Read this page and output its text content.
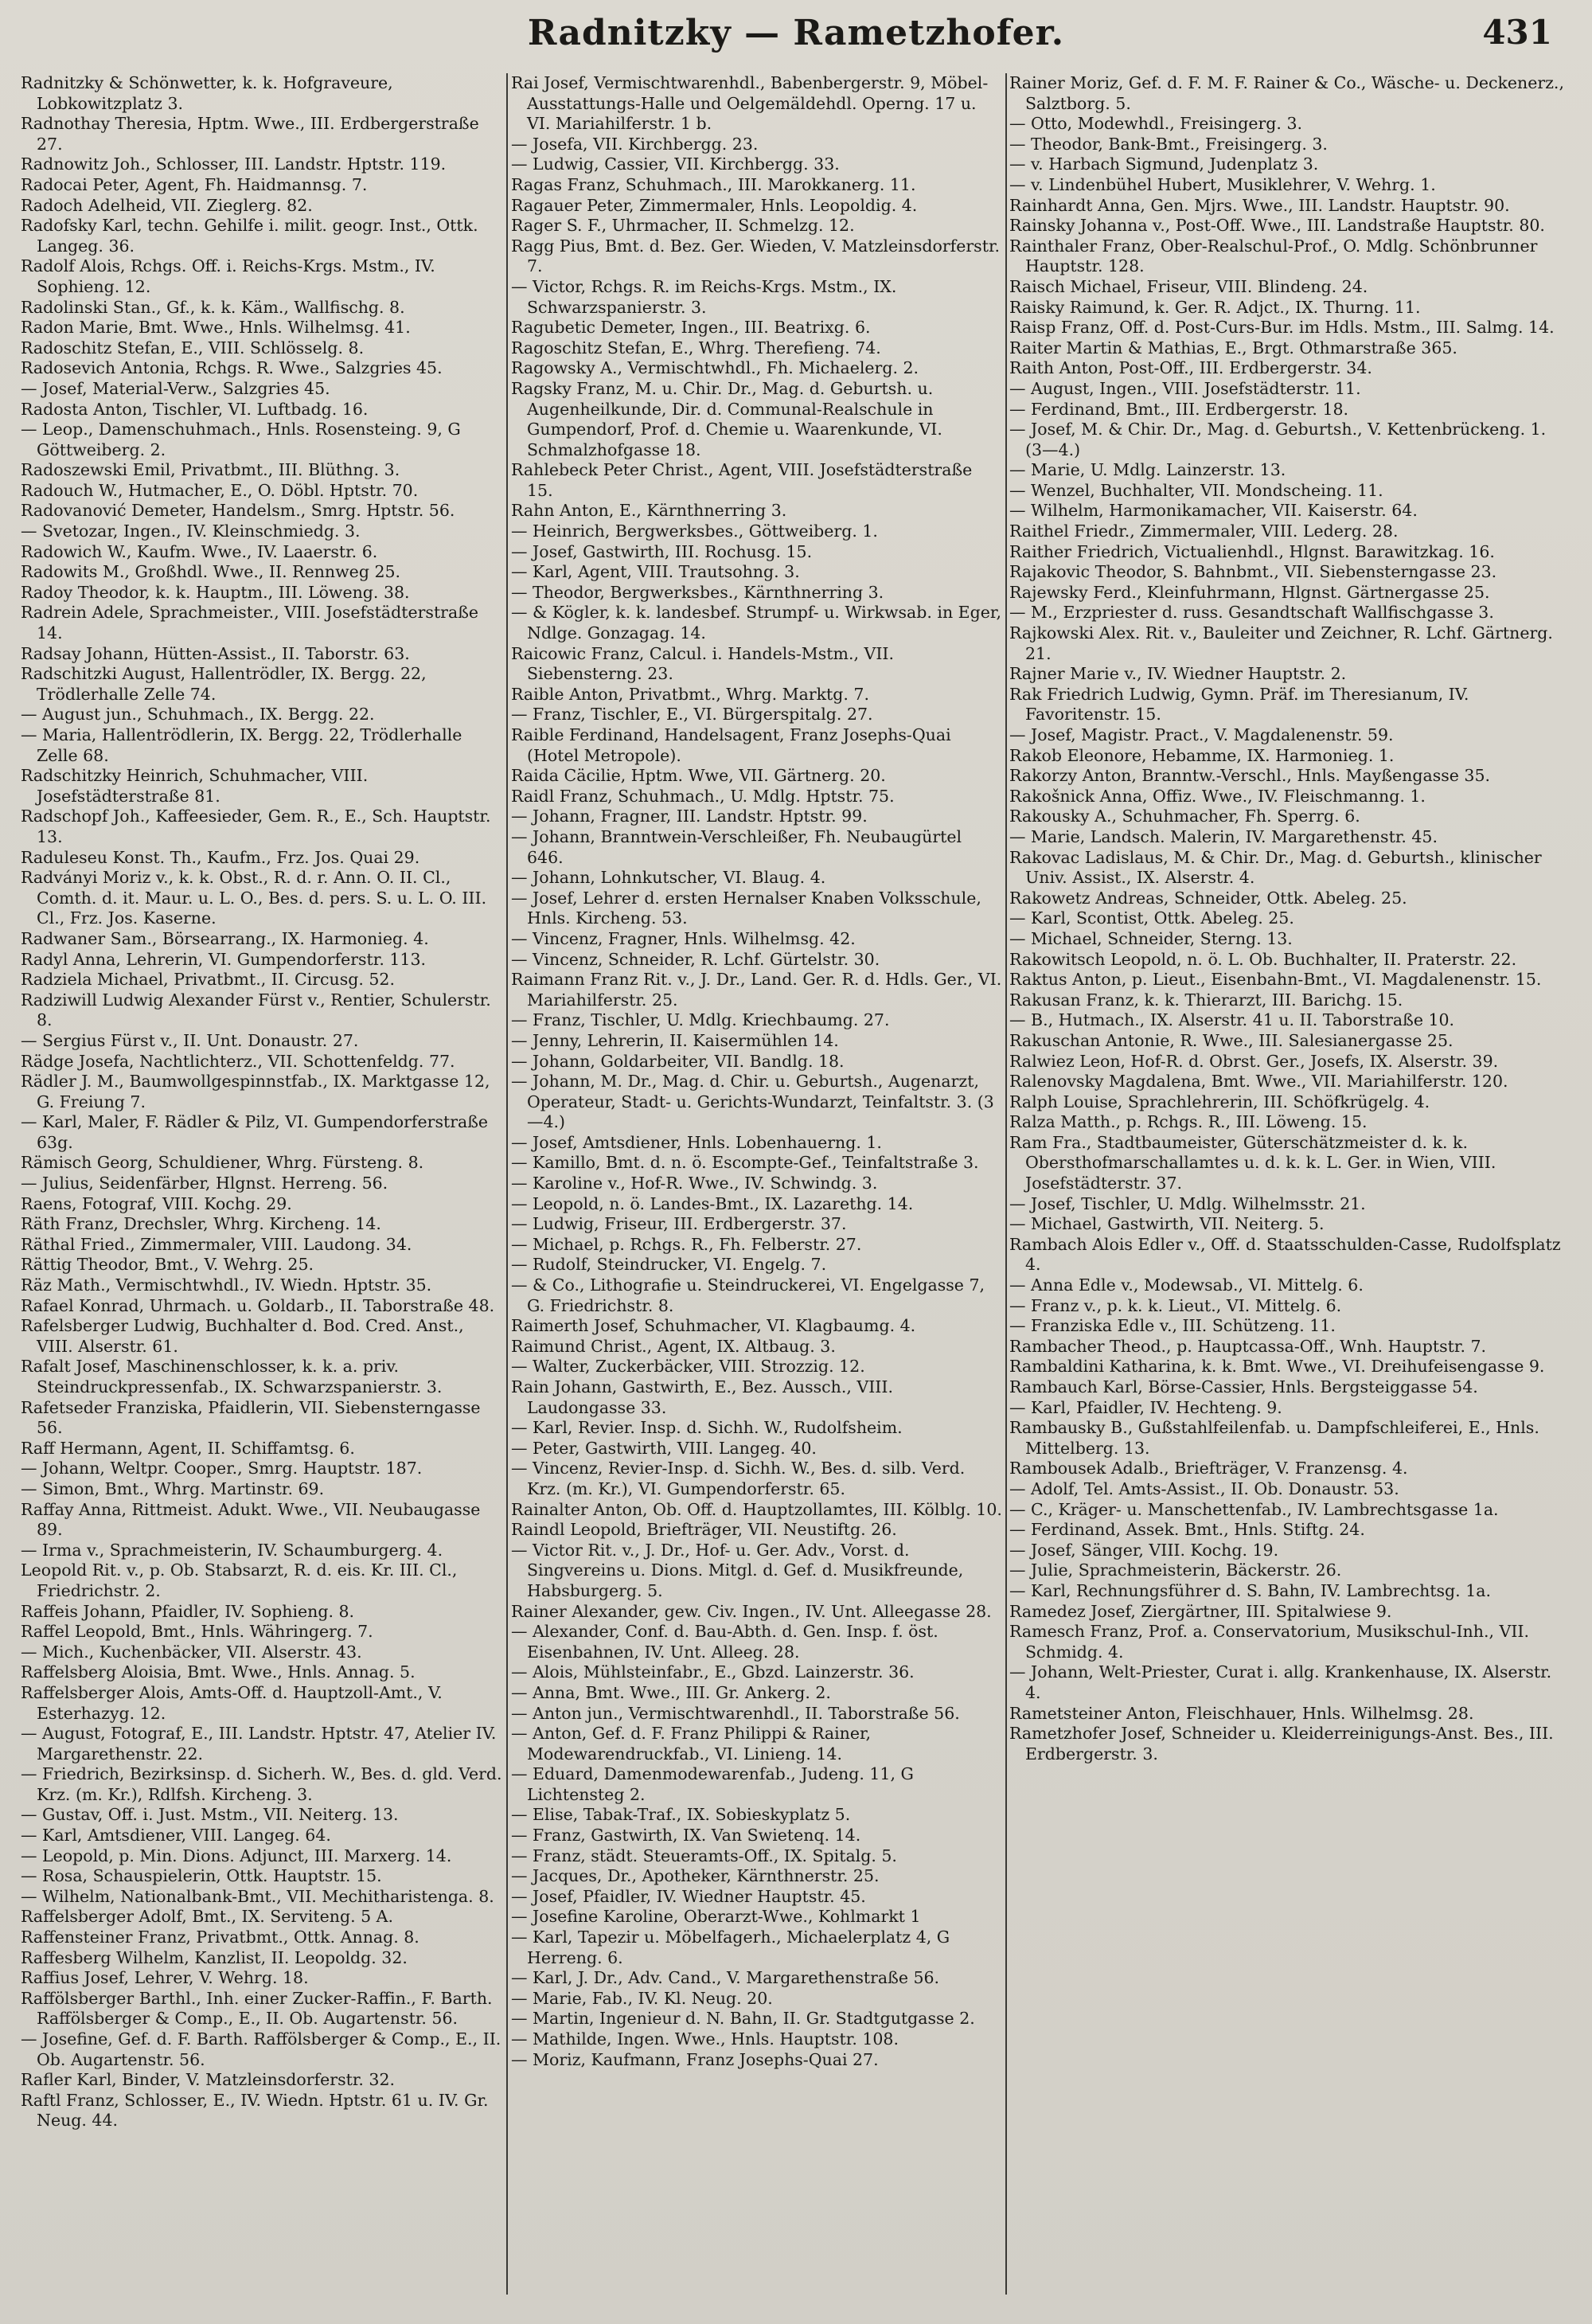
Radnitzky — Rametzhofer.	431
Radnitzky & Schönwetter, k. k. Hofgraveure, Lobkowitzplatz 3.
Radnothay Theresia, Hptm. Wwe., III. Erdbergerstraße 27.
Radnowitz Joh., Schlosser, III. Landstr. Hptstr. 119.
Radocai Peter, Agent, Fh. Haidmannsg. 7.
Radoch Adelheid, VII. Zieglerg. 82.
Radofsky Karl, techn. Gehilfe i. milit. geogr. Inst., Ottk. Langeg. 36.
Radolf Alois, Rchgs. Off. i. Reichs-Krgs. Mstm., IV. Sophieng. 12.
Radolinski Stan., Gf., k. k. Käm., Wallfischg. 8.
Radon Marie, Bmt. Wwe., Hnls. Wilhelmsg. 41.
Radoschitz Stefan, E., VIII. Schlösselg. 8.
Radosevich Antonia, Rchgs. R. Wwe., Salzgries 45.
— Josef, Material-Verw., Salzgries 45.
Radosta Anton, Tischler, VI. Luftbadg. 16.
— Leop., Damenschuhmach., Hnls. Rosensteing. 9, G Göttweiberg. 2.
Radoszewski Emil, Privatbmt., III. Blüthng. 3.
Radouch W., Hutmacher, E., O. Döbl. Hptstr. 70.
Radovanović Demeter, Handelsm., Smrg. Hptstr. 56.
— Svetozar, Ingen., IV. Kleinschmiedg. 3.
Radowich W., Kaufm. Wwe., IV. Laaerstr. 6.
Radowits M., Großhdl. Wwe., II. Rennweg 25.
Radoy Theodor, k. k. Hauptm., III. Löweng. 38.
Radrein Adele, Sprachmeister., VIII. Josefstädterstraße 14.
Radsay Johann, Hütten-Assist., II. Taborstr. 63.
Radschitzki August, Hallentrödler, IX. Bergg. 22, Trödlerhalle Zelle 74.
— August jun., Schuhmach., IX. Bergg. 22.
— Maria, Hallentrödlerin, IX. Bergg. 22, Trödlerhalle Zelle 68.
Radschitzky Heinrich, Schuhmacher, VIII. Josefstädterstraße 81.
Radschopf Joh., Kaffeesieder, Gem. R., E., Sch. Hauptstr. 13.
Raduleseu Konst. Th., Kaufm., Frz. Jos. Quai 29.
Radványi Moriz v., k. k. Obst., R. d. r. Ann. O. II. Cl., Comth. d. it. Maur. u. L. O., Bes. d. pers. S. u. L. O. III. Cl., Frz. Jos. Kaserne.
Radwaner Sam., Börsearrang., IX. Harmonieg. 4.
Radyl Anna, Lehrerin, VI. Gumpendorferstr. 113.
Radziela Michael, Privatbmt., II. Circusg. 52.
Radziwill Ludwig Alexander Fürst v., Rentier, Schulerstr. 8.
— Sergius Fürst v., II. Unt. Donaustr. 27.
Rädge Josefa, Nachtlichterz., VII. Schottenfeldg. 77.
Rädler J. M., Baumwollgespinnstfab., IX. Marktgasse 12, G. Freiung 7.
— Karl, Maler, F. Rädler & Pilz, VI. Gumpendorferstraße 63g.
Rämisch Georg, Schuldiener, Whrg. Fürsteng. 8.
— Julius, Seidenfärber, Hlgnst. Herreng. 56.
Raens, Fotograf, VIII. Kochg. 29.
Räth Franz, Drechsler, Whrg. Kircheng. 14.
Räthal Fried., Zimmermaler, VIII. Laudong. 34.
Rättig Theodor, Bmt., V. Wehrg. 25.
Räz Math., Vermischtwhdl., IV. Wiedn. Hptstr. 35.
Rafael Konrad, Uhrmach. u. Goldarb., II. Taborstraße 48.
Rafelsberger Ludwig, Buchhalter d. Bod. Cred. Anst., VIII. Alserstr. 61.
Rafalt Josef, Maschinenschlosser, k. k. a. priv. Steindruckpressenfab., IX. Schwarzspanierstr. 3.
Rafetseder Franziska, Pfaidlerin, VII. Siebensterngasse 56.
Raff Hermann, Agent, II. Schiffamtsg. 6.
— Johann, Weltpr. Cooper., Smrg. Hauptstr. 187.
— Simon, Bmt., Whrg. Martinstr. 69.
Raffay Anna, Rittmeist. Adukt. Wwe., VII. Neubaugasse 89.
— Irma v., Sprachmeisterin, IV. Schaumburgerg. 4.
Leopold Rit. v., p. Ob. Stabsarzt, R. d. eis. Kr. III. Cl., Friedrichstr. 2.
Raffeis Johann, Pfaidler, IV. Sophieng. 8.
Raffel Leopold, Bmt., Hnls. Währingerg. 7.
— Mich., Kuchenbäcker, VII. Alserstr. 43.
Raffelsberg Aloisia, Bmt. Wwe., Hnls. Annag. 5.
Raffelsberger Alois, Amts-Off. d. Hauptzoll-Amt., V. Esterhazyg. 12.
— August, Fotograf, E., III. Landstr. Hptstr. 47, Atelier IV. Margarethenstr. 22.
— Friedrich, Bezirksinsp. d. Sicherh. W., Bes. d. gld. Verd. Krz. (m. Kr.), Rdlfsh. Kircheng. 3.
— Gustav, Off. i. Just. Mstm., VII. Neiterg. 13.
— Karl, Amtsdiener, VIII. Langeg. 64.
— Leopold, p. Min. Dions. Adjunct, III. Marxerg. 14.
— Rosa, Schauspielerin, Ottk. Hauptstr. 15.
— Wilhelm, Nationalbank-Bmt., VII. Mechitharistenga. 8.
Raffelsberger Adolf, Bmt., IX. Serviteng. 5 A.
Raffensteiner Franz, Privatbmt., Ottk. Annag. 8.
Raffesberg Wilhelm, Kanzlist, II. Leopoldg. 32.
Raffius Josef, Lehrer, V. Wehrg. 18.
Raffölsberger Barthl., Inh. einer Zucker-Raffin., F. Barth. Raffölsberger & Comp., E., II. Ob. Augartenstr. 56.
— Josefine, Gef. d. F. Barth. Raffölsberger & Comp., E., II. Ob. Augartenstr. 56.
Rafler Karl, Binder, V. Matzleinsdorferstr. 32.
Raftl Franz, Schlosser, E., IV. Wiedn. Hptstr. 61 u. IV. Gr. Neug. 44.
Rai Josef, Vermischtwarenhdl., Babenbergerstr. 9, Möbel-Ausstattungs-Halle und Oelgemäldehdl. Operng. 17 u. VI. Mariahilferstr. 1 b.
— Josefa, VII. Kirchbergg. 23.
— Ludwig, Cassier, VII. Kirchbergg. 33.
Ragas Franz, Schuhmach., III. Marokkanerg. 11.
Ragauer Peter, Zimmermaler, Hnls. Leopoldig. 4.
Rager S. F., Uhrmacher, II. Schmelzg. 12.
Ragg Pius, Bmt. d. Bez. Ger. Wieden, V. Matzleinsdorferstr. 7.
— Victor, Rchgs. R. im Reichs-Krgs. Mstm., IX. Schwarzspanierstr. 3.
Ragubetic Demeter, Ingen., III. Beatrixg. 6.
Ragoschitz Stefan, E., Whrg. Therefieng. 74.
Ragowsky A., Vermischtwhdl., Fh. Michaelerg. 2.
Ragsky Franz, M. u. Chir. Dr., Mag. d. Geburtsh. u. Augenheilkunde, Dir. d. Communal-Realschule in Gumpendorf, Prof. d. Chemie u. Waarenkunde, VI. Schmalzhofgasse 18.
Rahlebeck Peter Christ., Agent, VIII. Josefstädterstraße 15.
Rahn Anton, E., Kärnthnerring 3.
— Heinrich, Bergwerksbes., Göttweiberg. 1.
— Josef, Gastwirth, III. Rochusg. 15.
— Karl, Agent, VIII. Trautsohng. 3.
— Theodor, Bergwerksbes., Kärnthnerring 3.
— & Kögler, k. k. landesbef. Strumpf- u. Wirkwsab. in Eger, Ndlge. Gonzagag. 14.
Raicowic Franz, Calcul. i. Handels-Mstm., VII. Siebensterng. 23.
Raible Anton, Privatbmt., Whrg. Marktg. 7.
— Franz, Tischler, E., VI. Bürgerspitalg. 27.
Raible Ferdinand, Handelsagent, Franz Josephs-Quai (Hotel Metropole).
Raida Cäcilie, Hptm. Wwe, VII. Gärtnerg. 20.
Raidl Franz, Schuhmach., U. Mdlg. Hptstr. 75.
— Johann, Fragner, III. Landstr. Hptstr. 99.
— Johann, Branntwein-Verschleißer, Fh. Neubaugürtel 646.
— Johann, Lohnkutscher, VI. Blaug. 4.
— Josef, Lehrer d. ersten Hernalser Knaben Volksschule, Hnls. Kircheng. 53.
— Vincenz, Fragner, Hnls. Wilhelmsg. 42.
— Vincenz, Schneider, R. Lchf. Gürtelstr. 30.
Raimann Franz Rit. v., J. Dr., Land. Ger. R. d. Hdls. Ger., VI. Mariahilferstr. 25.
— Franz, Tischler, U. Mdlg. Kriechbaumg. 27.
— Jenny, Lehrerin, II. Kaisermühlen 14.
— Johann, Goldarbeiter, VII. Bandlg. 18.
— Johann, M. Dr., Mag. d. Chir. u. Geburtsh., Augenarzt, Operateur, Stadt- u. Gerichts-Wundarzt, Teinfaltstr. 3. (3—4.)
— Josef, Amtsdiener, Hnls. Lobenhauerng. 1.
— Kamillo, Bmt. d. n. ö. Escompte-Gef., Teinfaltstraße 3.
— Karoline v., Hof-R. Wwe., IV. Schwindg. 3.
— Leopold, n. ö. Landes-Bmt., IX. Lazarethg. 14.
— Ludwig, Friseur, III. Erdbergerstr. 37.
— Michael, p. Rchgs. R., Fh. Felberstr. 27.
— Rudolf, Steindrucker, VI. Engelg. 7.
— & Co., Lithografie u. Steindruckerei, VI. Engelgasse 7, G. Friedrichstr. 8.
Raimerth Josef, Schuhmacher, VI. Klagbaumg. 4.
Raimund Christ., Agent, IX. Altbaug. 3.
— Walter, Zuckerbäcker, VIII. Strozzig. 12.
Rain Johann, Gastwirth, E., Bez. Aussch., VIII. Laudongasse 33.
— Karl, Revier. Insp. d. Sichh. W., Rudolfsheim.
— Peter, Gastwirth, VIII. Langeg. 40.
— Vincenz, Revier-Insp. d. Sichh. W., Bes. d. silb. Verd. Krz. (m. Kr.), VI. Gumpendorferstr. 65.
Rainalter Anton, Ob. Off. d. Hauptzollamtes, III. Kölblg. 10.
Raindl Leopold, Briefträger, VII. Neustiftg. 26.
— Victor Rit. v., J. Dr., Hof- u. Ger. Adv., Vorst. d. Singvereins u. Dions. Mitgl. d. Gef. d. Musikfreunde, Habsburgerg. 5.
Rainer Alexander, gew. Civ. Ingen., IV. Unt. Alleegasse 28.
— Alexander, Conf. d. Bau-Abth. d. Gen. Insp. f. öst. Eisenbahnen, IV. Unt. Alleeg. 28.
— Alois, Mühlsteinfabr., E., Gbzd. Lainzerstr. 36.
— Anna, Bmt. Wwe., III. Gr. Ankerg. 2.
— Anton jun., Vermischtwarenhdl., II. Taborstraße 56.
— Anton, Gef. d. F. Franz Philippi & Rainer, Modewarendruckfab., VI. Linieng. 14.
— Eduard, Damenmodewarenfab., Judeng. 11, G Lichtensteg 2.
— Elise, Tabak-Traf., IX. Sobieskyplatz 5.
— Franz, Gastwirth, IX. Van Swietenq. 14.
— Franz, städt. Steueramts-Off., IX. Spitalg. 5.
— Jacques, Dr., Apotheker, Kärnthnerstr. 25.
— Josef, Pfaidler, IV. Wiedner Hauptstr. 45.
— Josefine Karoline, Oberarzt-Wwe., Kohlmarkt 1
— Karl, Tapezir u. Möbelfagerh., Michaelerplatz 4, G Herreng. 6.
— Karl, J. Dr., Adv. Cand., V. Margarethenstraße 56.
— Marie, Fab., IV. Kl. Neug. 20.
— Martin, Ingenieur d. N. Bahn, II. Gr. Stadtgutgasse 2.
— Mathilde, Ingen. Wwe., Hnls. Hauptstr. 108.
— Moriz, Kaufmann, Franz Josephs-Quai 27.
Rainer Moriz, Gef. d. F. M. F. Rainer & Co., Wäsche- u. Deckenerz., Salztborg. 5.
— Otto, Modewhdl., Freisingerg. 3.
— Theodor, Bank-Bmt., Freisingerg. 3.
— v. Harbach Sigmund, Judenplatz 3.
— v. Lindenbühel Hubert, Musiklehrer, V. Wehrg. 1.
Rainhardt Anna, Gen. Mjrs. Wwe., III. Landstr. Hauptstr. 90.
Rainsky Johanna v., Post-Off. Wwe., III. Landstraße Hauptstr. 80.
Rainthaler Franz, Ober-Realschul-Prof., O. Mdlg. Schönbrunner Hauptstr. 128.
Raisch Michael, Friseur, VIII. Blindeng. 24.
Raisky Raimund, k. Ger. R. Adjct., IX. Thurng. 11.
Raisp Franz, Off. d. Post-Curs-Bur. im Hdls. Mstm., III. Salmg. 14.
Raiter Martin & Mathias, E., Brgt. Othmarstraße 365.
Raith Anton, Post-Off., III. Erdbergerstr. 34.
— August, Ingen., VIII. Josefstädterstr. 11.
— Ferdinand, Bmt., III. Erdbergerstr. 18.
— Josef, M. & Chir. Dr., Mag. d. Geburtsh., V. Kettenbrückeng. 1. (3—4.)
— Marie, U. Mdlg. Lainzerstr. 13.
— Wenzel, Buchhalter, VII. Mondscheing. 11.
— Wilhelm, Harmonikamacher, VII. Kaiserstr. 64.
Raithel Friedr., Zimmermaler, VIII. Lederg. 28.
Raither Friedrich, Victualienhdl., Hlgnst. Barawitzkag. 16.
Rajakovic Theodor, S. Bahnbmt., VII. Siebensterngasse 23.
Rajewsky Ferd., Kleinfuhrmann, Hlgnst. Gärtnergasse 25.
— M., Erzpriester d. russ. Gesandtschaft Wallfischgasse 3.
Rajkowski Alex. Rit. v., Bauleiter und Zeichner, R. Lchf. Gärtnerg. 21.
Rajner Marie v., IV. Wiedner Hauptstr. 2.
Rak Friedrich Ludwig, Gymn. Präf. im Theresianum, IV. Favoritenstr. 15.
— Josef, Magistr. Pract., V. Magdalenenstr. 59.
Rakob Eleonore, Hebamme, IX. Harmonieg. 1.
Rakorzy Anton, Branntw.-Verschl., Hnls. Mayßengasse 35.
Rakošnick Anna, Offiz. Wwe., IV. Fleischmanng. 1.
Rakousky A., Schuhmacher, Fh. Sperrg. 6.
— Marie, Landsch. Malerin, IV. Margarethenstr. 45.
Rakovac Ladislaus, M. & Chir. Dr., Mag. d. Geburtsh., klinischer Univ. Assist., IX. Alserstr. 4.
Rakowetz Andreas, Schneider, Ottk. Abeleg. 25.
— Karl, Scontist, Ottk. Abeleg. 25.
— Michael, Schneider, Sterng. 13.
Rakowitsch Leopold, n. ö. L. Ob. Buchhalter, II. Praterstr. 22.
Raktus Anton, p. Lieut., Eisenbahn-Bmt., VI. Magdalenenstr. 15.
Rakusan Franz, k. k. Thierarzt, III. Barichg. 15.
— B., Hutmach., IX. Alserstr. 41 u. II. Taborstraße 10.
Rakuschan Antonie, R. Wwe., III. Salesianergasse 25.
Ralwiez Leon, Hof-R. d. Obrst. Ger., Josefs, IX. Alserstr. 39.
Ralenovsky Magdalena, Bmt. Wwe., VII. Mariahilferstr. 120.
Ralph Louise, Sprachlehrerin, III. Schöfkrügelg. 4.
Ralza Matth., p. Rchgs. R., III. Löweng. 15.
Ram Fra., Stadtbaumeister, Güterschätzmeister d. k. k. Obersthofmarschallamtes u. d. k. k. L. Ger. in Wien, VIII. Josefstädterstr. 37.
— Josef, Tischler, U. Mdlg. Wilhelmsstr. 21.
— Michael, Gastwirth, VII. Neiterg. 5.
Rambach Alois Edler v., Off. d. Staatsschulden-Casse, Rudolfsplatz 4.
— Anna Edle v., Modewsab., VI. Mittelg. 6.
— Franz v., p. k. k. Lieut., VI. Mittelg. 6.
— Franziska Edle v., III. Schützeng. 11.
Rambacher Theod., p. Hauptcassa-Off., Wnh. Hauptstr. 7.
Rambaldini Katharina, k. k. Bmt. Wwe., VI. Dreihufeisengasse 9.
Rambauch Karl, Börse-Cassier, Hnls. Bergsteiggasse 54.
— Karl, Pfaidler, IV. Hechteng. 9.
Rambausky B., Gußstahlfeilenfab. u. Dampfschleiferei, E., Hnls. Mittelberg. 13.
Rambousek Adalb., Briefträger, V. Franzensg. 4.
— Adolf, Tel. Amts-Assist., II. Ob. Donaustr. 53.
— C., Kräger- u. Manschettenfab., IV. Lambrechtsgasse 1a.
— Ferdinand, Assek. Bmt., Hnls. Stiftg. 24.
— Josef, Sänger, VIII. Kochg. 19.
— Julie, Sprachmeisterin, Bäckerstr. 26.
— Karl, Rechnungsführer d. S. Bahn, IV. Lambrechtsg. 1a.
Ramedez Josef, Ziergärtner, III. Spitalwiese 9.
Ramesch Franz, Prof. a. Conservatorium, Musikschul-Inh., VII. Schmidg. 4.
— Johann, Welt-Priester, Curat i. allg. Krankenhause, IX. Alserstr. 4.
Rametsteiner Anton, Fleischhauer, Hnls. Wilhelmsg. 28.
Rametzhofer Josef, Schneider u. Kleiderreinigungs-Anst. Bes., III. Erdbergerstr. 3.
